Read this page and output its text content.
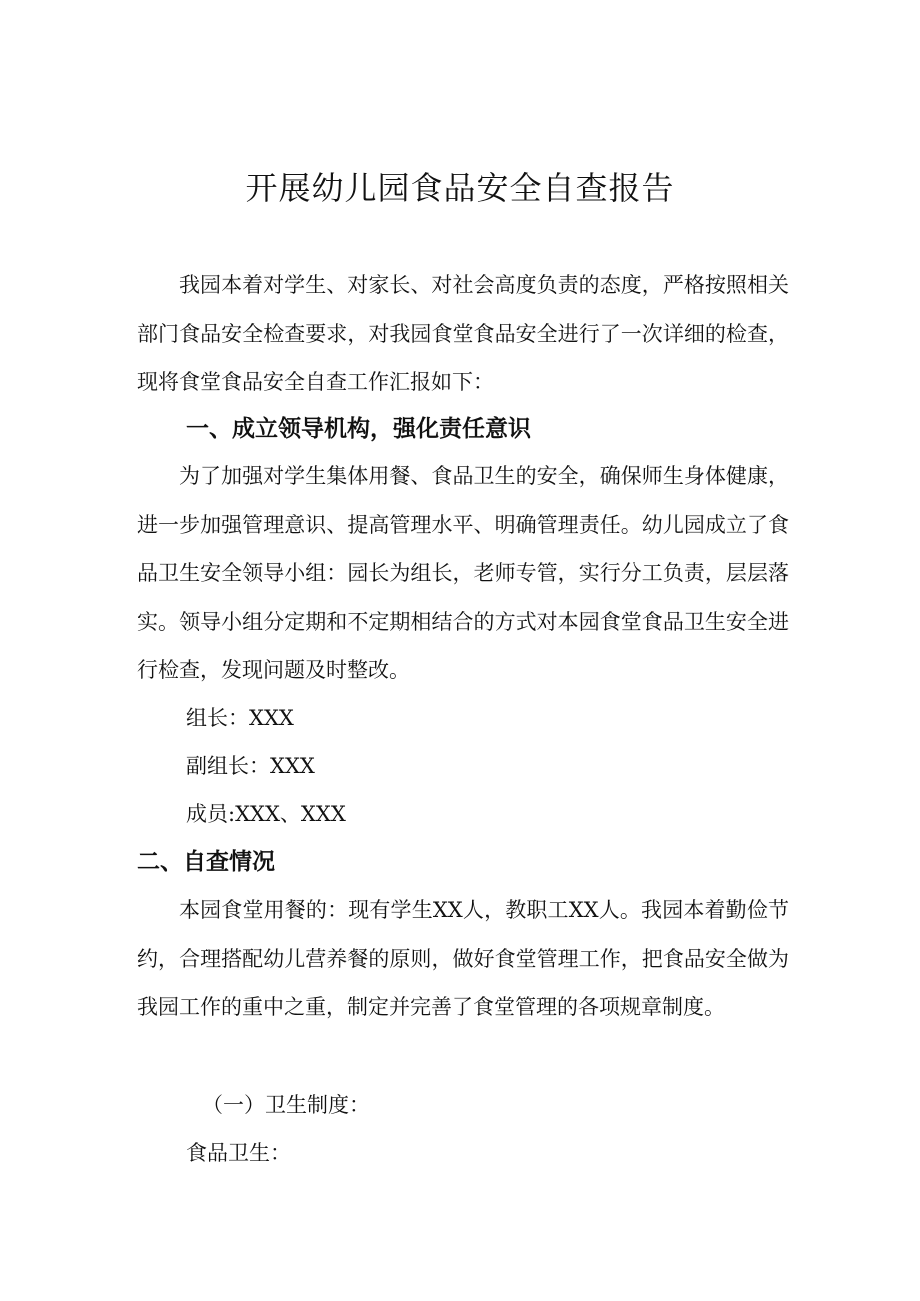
开展幼儿园食品安全自查报告

我园本着对学生、对家长、对社会高度负责的态度，严格按照相关部门食品安全检查要求，对我园食堂食品安全进行了一次详细的检查，现将食堂食品安全自查工作汇报如下：

一、成立领导机构，强化责任意识

为了加强对学生集体用餐、食品卫生的安全，确保师生身体健康，进一步加强管理意识、提高管理水平、明确管理责任。幼儿园成立了食品卫生安全领导小组：园长为组长，老师专管，实行分工负责，层层落实。领导小组分定期和不定期相结合的方式对本园食堂食品卫生安全进行检查，发现问题及时整改。

组长：XXX

副组长：XXX

成员:XXX、XXX

二、自查情况

本园食堂用餐的：现有学生XX人，教职工XX人。我园本着勤俭节约，合理搭配幼儿营养餐的原则，做好食堂管理工作，把食品安全做为我园工作的重中之重，制定并完善了食堂管理的各项规章制度。

（一）卫生制度：

食品卫生：
